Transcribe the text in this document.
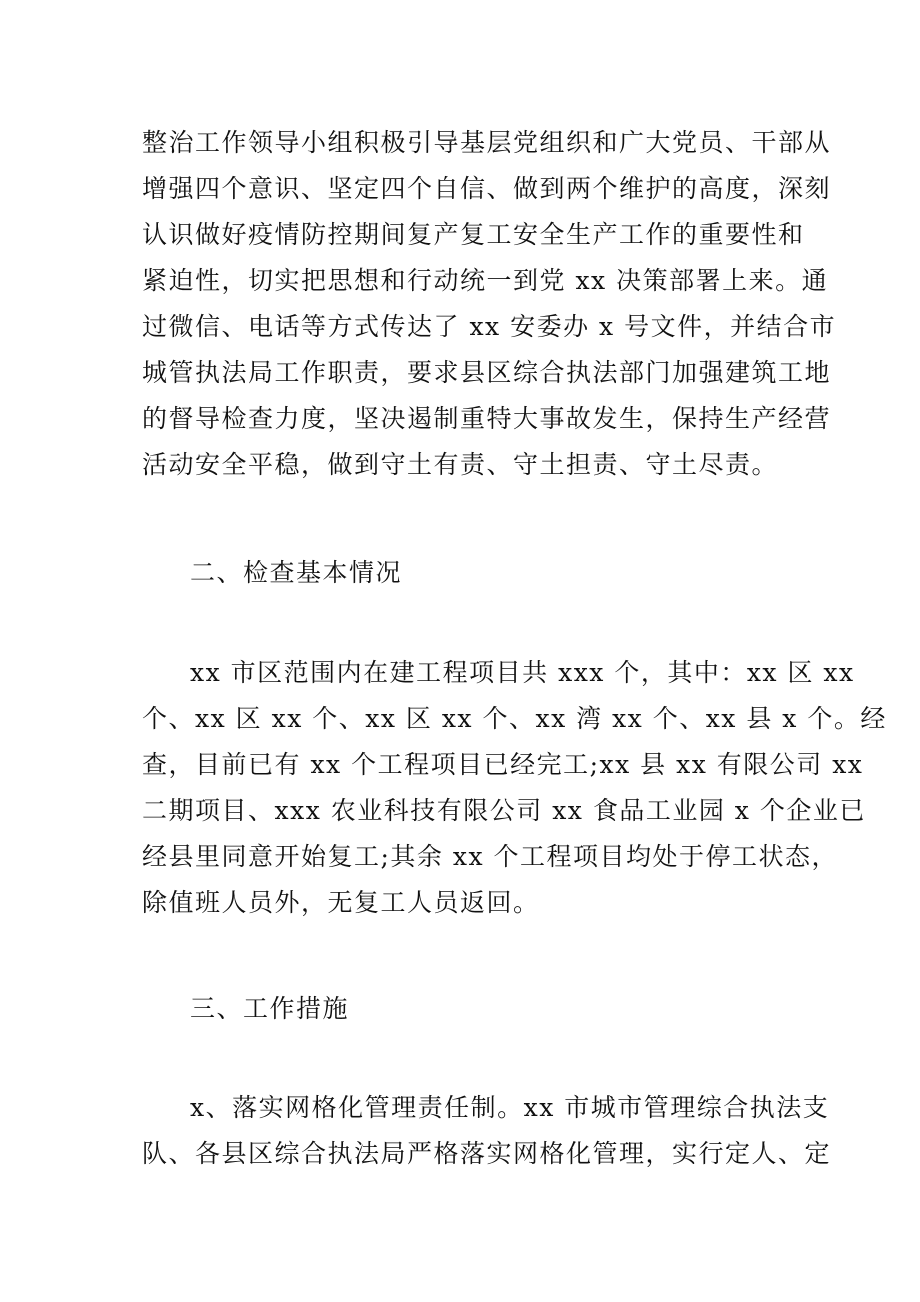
整治工作领导小组积极引导基层党组织和广大党员、干部从
增强四个意识、坚定四个自信、做到两个维护的高度，深刻
认识做好疫情防控期间复产复工安全生产工作的重要性和
紧迫性，切实把思想和行动统一到党 xx 决策部署上来。通
过微信、电话等方式传达了 xx 安委办 x 号文件，并结合市
城管执法局工作职责，要求县区综合执法部门加强建筑工地
的督导检查力度，坚决遏制重特大事故发生，保持生产经营
活动安全平稳，做到守土有责、守土担责、守土尽责。
二、检查基本情况
xx 市区范围内在建工程项目共 xxx 个，其中：xx 区 xx
个、xx 区 xx 个、xx 区 xx 个、xx 湾 xx 个、xx 县 x 个。经
查，目前已有 xx 个工程项目已经完工;xx 县 xx 有限公司 xx
二期项目、xxx 农业科技有限公司 xx 食品工业园 x 个企业已
经县里同意开始复工;其余 xx 个工程项目均处于停工状态，
除值班人员外，无复工人员返回。
三、工作措施
x、落实网格化管理责任制。xx 市城市管理综合执法支
队、各县区综合执法局严格落实网格化管理，实行定人、定
